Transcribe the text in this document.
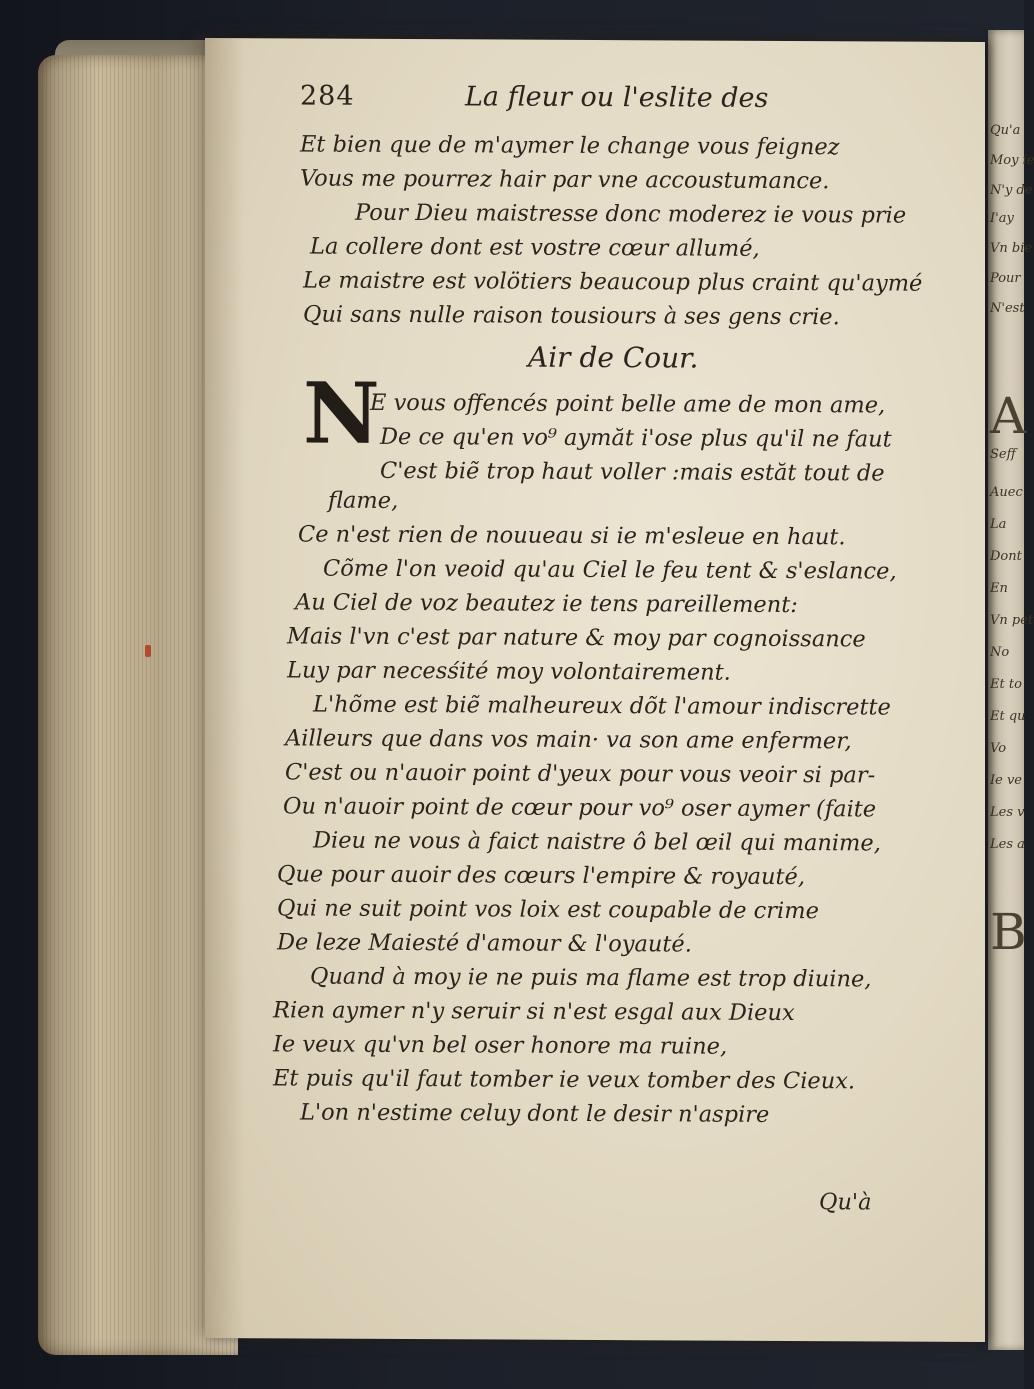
Qu'a
Moy ie
N'y de
I'ay
Vn bie
Pour
N'est
A
Seff
Auec
La
Dont
En
Vn pet
No
Et to
Et qu
Vo
Ie ve
Les v
Les a
B
284	La fleur ou l'eslite des
Et bien que de m'aymer le change vous feignez
Vous me pourrez hair par vne accoustumance.
Pour Dieu maistresse donc moderez ie vous prie
La collere dont est vostre cœur allumé,
Le maistre est volötiers beaucoup plus craint qu'aymé
Qui sans nulle raison tousiours à ses gens crie.
Air de Cour.
N
E vous offencés point belle ame de mon ame,
De ce qu'en vo⁹ aymăt i'ose plus qu'il ne faut
C'est biẽ trop haut voller :mais estăt tout de
flame,
Ce n'est rien de nouueau si ie m'esleue en haut.
Cõme l'on veoid qu'au Ciel le feu tent & s'eslance,
Au Ciel de voz beautez ie tens pareillement:
Mais l'vn c'est par nature & moy par cognoissance
Luy par necesśité moy volontairement.
L'hõme est biẽ malheureux dõt l'amour indiscrette
Ailleurs que dans vos main· va son ame enfermer,
C'est ou n'auoir point d'yeux pour vous veoir si par-
Ou n'auoir point de cœur pour vo⁹ oser aymer (faite
Dieu ne vous à faict naistre ô bel œil qui manime,
Que pour auoir des cœurs l'empire & royauté,
Qui ne suit point vos loix est coupable de crime
De leze Maiesté d'amour & l'oyauté.
Quand à moy ie ne puis ma flame est trop diuine,
Rien aymer n'y seruir si n'est esgal aux Dieux
Ie veux qu'vn bel oser honore ma ruine,
Et puis qu'il faut tomber ie veux tomber des Cieux.
L'on n'estime celuy dont le desir n'aspire
Qu'à
